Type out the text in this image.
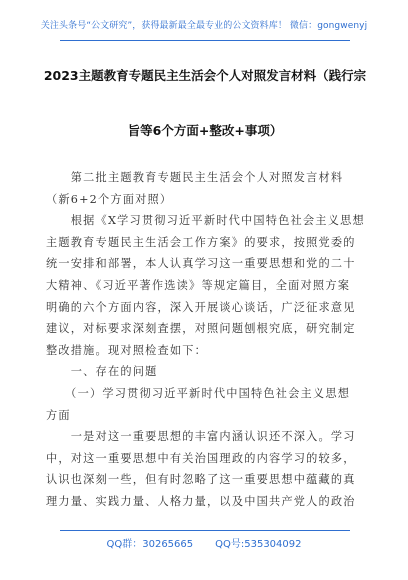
关注头条号“公文研究”，获得最新最全最专业的公文资料库！ 微信：gongwenyj
2023主题教育专题民主生活会个人对照发言材料（践行宗
旨等6个方面+整改+事项）
　　第二批主题教育专题民主生活会个人对照发言材料
（新6+2个方面对照）
　　根据《X学习贯彻习近平新时代中国特色社会主义思想
主题教育专题民主生活会工作方案》的要求，按照党委的
统一安排和部署，本人认真学习这一重要思想和党的二十
大精神、《习近平著作选读》等规定篇目，全面对照方案
明确的六个方面内容，深入开展谈心谈话，广泛征求意见
建议，对标要求深刻査摆，对照问题刨根究底，研究制定
整改措施。现对照检查如下：
　　一、存在的问题
　　（一）学习贯彻习近平新时代中国特色社会主义思想
方面
　　一是对这一重要思想的丰富内涵认识还不深入。学习
中，对这一重要思想中有关治国理政的内容学习的较多，
认识也深刻一些，但有时忽略了这一重要思想中蕴藏的真
理力量、实践力量、人格力量，以及中国共产党人的政治
QQ群：30265665 QQ号:535304092
